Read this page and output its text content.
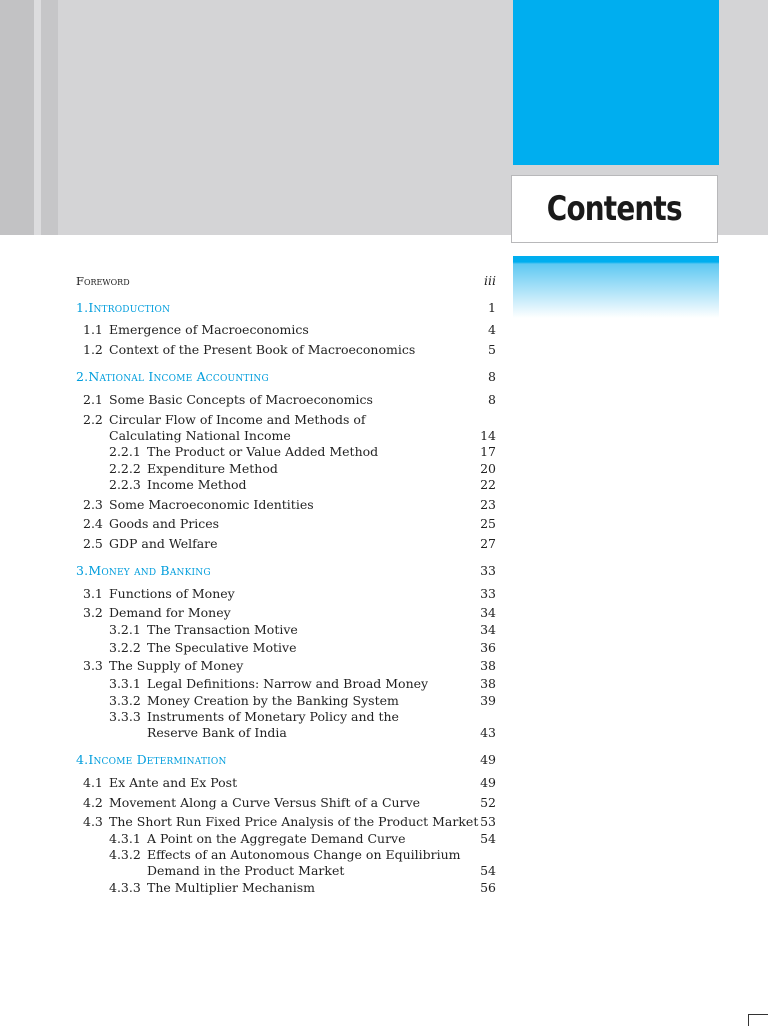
Contents
Foreword	iii
1.Introduction	1
1.1 Emergence of Macroeconomics	4
1.2 Context of the Present Book of Macroeconomics	5
2.National Income Accounting	8
2.1 Some Basic Concepts of Macroeconomics	8
2.2 Circular Flow of Income and Methods of
Calculating National Income	14
2.2.1 The Product or Value Added Method	17
2.2.2 Expenditure Method	20
2.2.3 Income Method	22
2.3 Some Macroeconomic Identities	23
2.4 Goods and Prices	25
2.5 GDP and Welfare	27
3.Money and Banking	33
3.1 Functions of Money	33
3.2 Demand for Money	34
3.2.1 The Transaction Motive	34
3.2.2 The Speculative Motive	36
3.3 The Supply of Money	38
3.3.1 Legal Definitions: Narrow and Broad Money	38
3.3.2 Money Creation by the Banking System	39
3.3.3 Instruments of Monetary Policy and the
Reserve Bank of India	43
4.Income Determination	49
4.1 Ex Ante and Ex Post	49
4.2 Movement Along a Curve Versus Shift of a Curve	52
4.3 The Short Run Fixed Price Analysis of the Product Market 53
4.3.1 A Point on the Aggregate Demand Curve	54
4.3.2 Effects of an Autonomous Change on Equilibrium
Demand in the Product Market	54
4.3.3 The Multiplier Mechanism	56
